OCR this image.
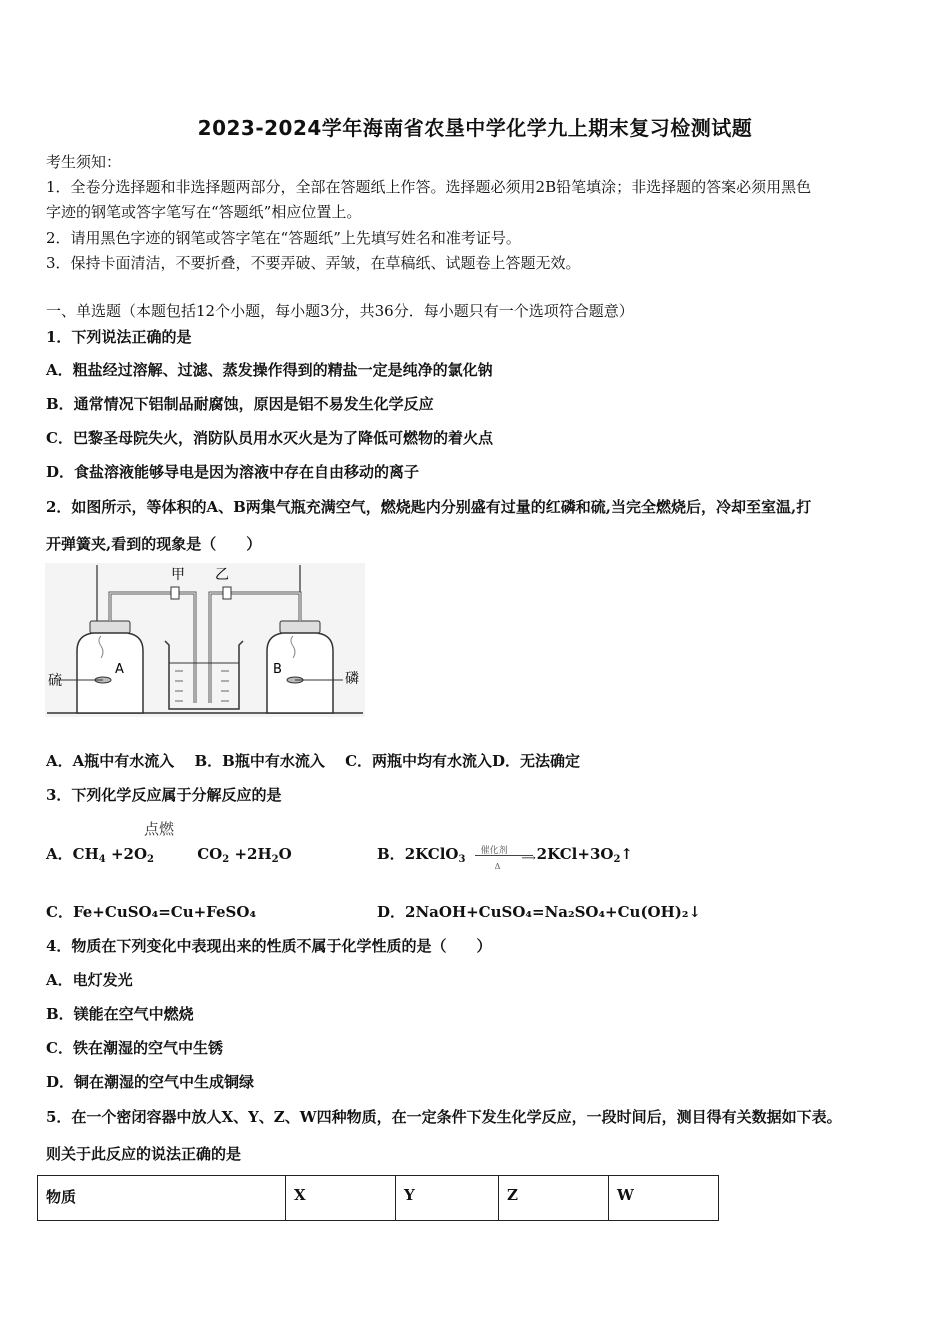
2023-2024学年海南省农垦中学化学九上期末复习检测试题
考生须知：
1．全卷分选择题和非选择题两部分，全部在答题纸上作答。选择题必须用2B铅笔填涂；非选择题的答案必须用黑色
字迹的钢笔或答字笔写在“答题纸”相应位置上。
2．请用黑色字迹的钢笔或答字笔在“答题纸”上先填写姓名和准考证号。
3．保持卡面清洁，不要折叠，不要弄破、弄皱，在草稿纸、试题卷上答题无效。
一、单选题（本题包括12个小题，每小题3分，共36分．每小题只有一个选项符合题意）
1．下列说法正确的是
A．粗盐经过溶解、过滤、蒸发操作得到的精盐一定是纯净的氯化钠
B．通常情况下铝制品耐腐蚀，原因是铝不易发生化学反应
C．巴黎圣母院失火，消防队员用水灭火是为了降低可燃物的着火点
D．食盐溶液能够导电是因为溶液中存在自由移动的离子
2．如图所示，等体积的A、B两集气瓶充满空气，燃烧匙内分别盛有过量的红磷和硫,当完全燃烧后，冷却至室温,打
开弹簧夹,看到的现象是（　　）
甲 乙
硫	磷
A	B
A．A瓶中有水流入　 B．B瓶中有水流入　 C．两瓶中均有水流入D．无法确定
3．下列化学反应属于分解反应的是
点燃
A．$CH_4 +2O_2$	$CO_2 +2H_2O$	B．2KClO$_3$
催化剂
⟶
Δ
$2KCl+3O_2↑$
C．Fe+CuSO₄=Cu+FeSO₄	D．2NaOH+CuSO₄=Na₂SO₄+Cu(OH)₂↓
4．物质在下列变化中表现出来的性质不属于化学性质的是（　　）
A．电灯发光
B．镁能在空气中燃烧
C．铁在潮湿的空气中生锈
D．铜在潮湿的空气中生成铜绿
5．在一个密闭容器中放人X、Y、Z、W四种物质，在一定条件下发生化学反应，一段时间后，测目得有关数据如下表。
则关于此反应的说法正确的是
物质	X	Y	Z	W
